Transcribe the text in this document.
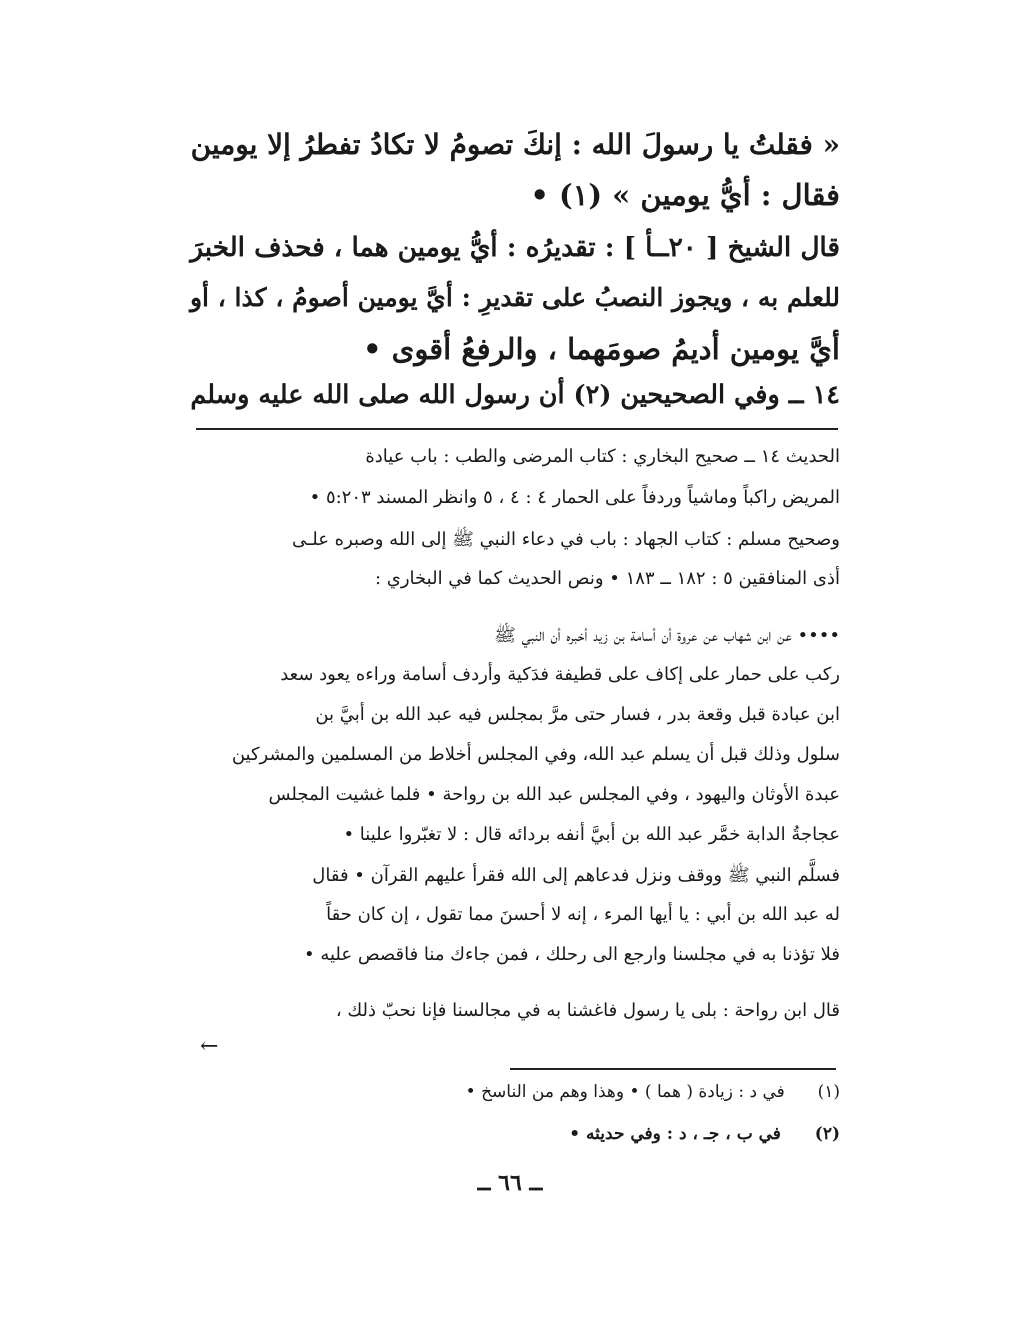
« فقلتُ يا رسولَ الله : إنكَ تصومُ لا تكادُ تفطرُ إلا يومين
فقال : أيُّ يومين » (١) •
قال الشيخ [ ٢٠ــأ ] : تقديرُه : أيُّ يومين هما ، فحذف الخبرَ
للعلم به ، ويجوز النصبُ على تقديرِ : أيَّ يومين أصومُ ، كذا ، أو
أيَّ يومين أديمُ صومَهما ، والرفعُ أقوى •
١٤ ــ وفي الصحيحين (٢) أن رسول الله صلى الله عليه وسلم
الحديث ١٤ ــ صحيح البخاري : كتاب المرضى والطب : باب عيادة
المريض راكباً وماشياً وردفاً على الحمار ٤ : ٤ ، ٥ وانظر المسند ٥:٢٠٣ •
وصحيح مسلم : كتاب الجهاد : باب في دعاء النبي ﷺ إلى الله وصبره علـى
أذى المنافقين ٥ : ١٨٢ ــ ١٨٣ • ونص الحديث كما في البخاري :
•••• عن ابن شهاب عن عروة أن أسامة بن زيد أخبره أن النبي ﷺ
ركب على حمار على إكاف على قطيفة فدَكية وأردف أسامة وراءه يعود سعد
ابن عبادة قبل وقعة بدر ، فسار حتى مرَّ بمجلس فيه عبد الله بن أبيَّ بن
سلول وذلك قبل أن يسلم عبد الله، وفي المجلس أخلاط من المسلمين والمشركين
عبدة الأوثان واليهود ، وفي المجلس عبد الله بن رواحة • فلما غشيت المجلس
عجاجةُ الدابة خمَّر عبد الله بن أبيَّ أنفه بردائه قال : لا تغبّروا علينا •
فسلَّم النبي ﷺ ووقف ونزل فدعاهم إلى الله فقرأ عليهم القرآن • فقال
له عبد الله بن أبي : يا أيها المرء ، إنه لا أحسنَ مما تقول ، إن كان حقاً
فلا تؤذنا به في مجلسنا وارجع الى رحلك ، فمن جاءك منا فاقصص عليه •
قال ابن رواحة : بلى يا رسول فاغشنا به في مجالسنا فإنا نحبّ ذلك ،
←
(١)  في د : زيادة ( هما ) • وهذا وهم من الناسخ •
(٢)  في ب ، جـ ، د : وفي حديثه •
ــ ٦٦ ــ
